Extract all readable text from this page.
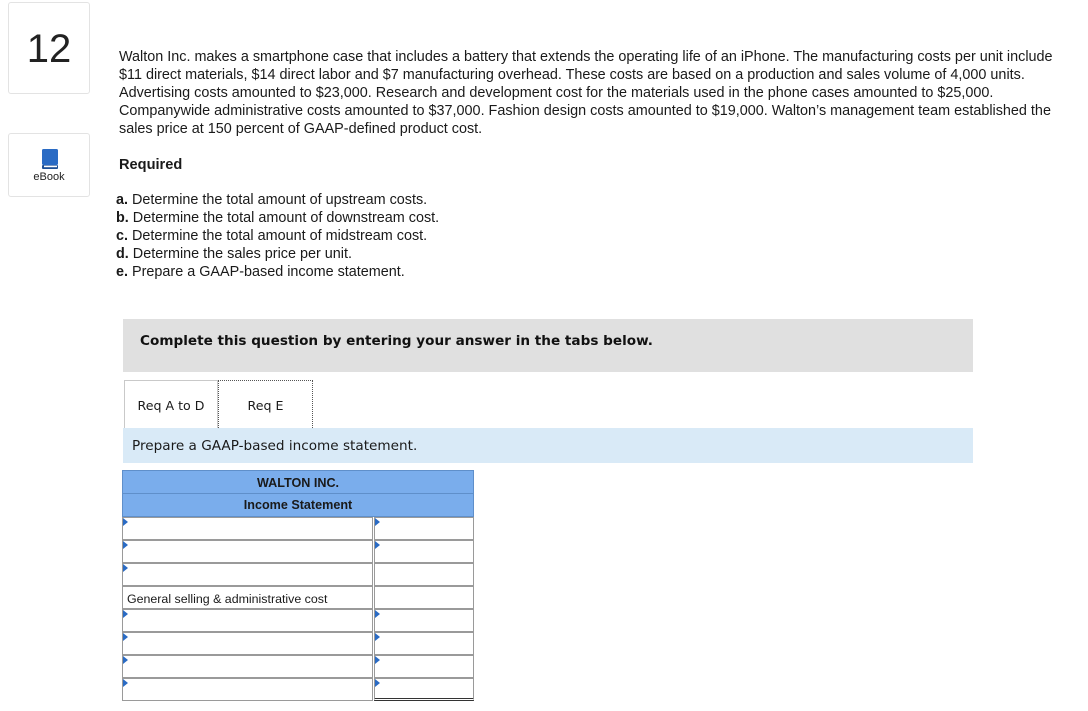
12
eBook

Walton Inc. makes a smartphone case that includes a battery that extends the operating life of an iPhone. The manufacturing costs per unit include $11 direct materials, $14 direct labor and $7 manufacturing overhead. These costs are based on a production and sales volume of 4,000 units. Advertising costs amounted to $23,000. Research and development cost for the materials used in the phone cases amounted to $25,000. Companywide administrative costs amounted to $37,000. Fashion design costs amounted to $19,000. Walton’s management team established the sales price at 150 percent of GAAP-defined product cost.

Required
a. Determine the total amount of upstream costs.
b. Determine the total amount of downstream cost.
c. Determine the total amount of midstream cost.
d. Determine the sales price per unit.
e. Prepare a GAAP-based income statement.
Complete this question by entering your answer in the tabs below.
Req A to D	Req E
Prepare a GAAP-based income statement.
WALTON INC.
Income Statement
General selling & administrative cost
